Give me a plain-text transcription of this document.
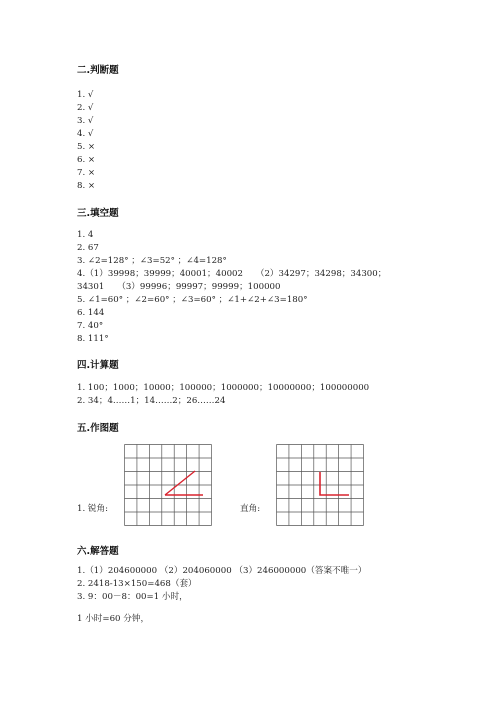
二.判断题
1. √
2. √
3. √
4. √
5. ×
6. ×
7. ×
8. ×
三.填空题
1. 4
2. 67
3. ∠2=128° ；∠3=52° ；∠4=128°
4.（1）39998；39999；40001；40002　　（2）34297；34298；34300；
34301　　（3）99996；99997；99999；100000
5. ∠1=60° ；∠2=60° ；∠3=60° ；∠1+∠2+∠3=180°
6. 144
7. 40°
8. 111°
四.计算题
1. 100；1000；10000；100000；1000000；10000000；100000000
2. 34；4……1；14……2；26……24
五.作图题
1. 锐角:	直角:
六.解答题
1.（1）204600000 （2）204060000 （3）246000000（答案不唯一）
2. 2418-13×150=468（套）
3. 9：00－8：00=1 小时，
1 小时=60 分钟，
